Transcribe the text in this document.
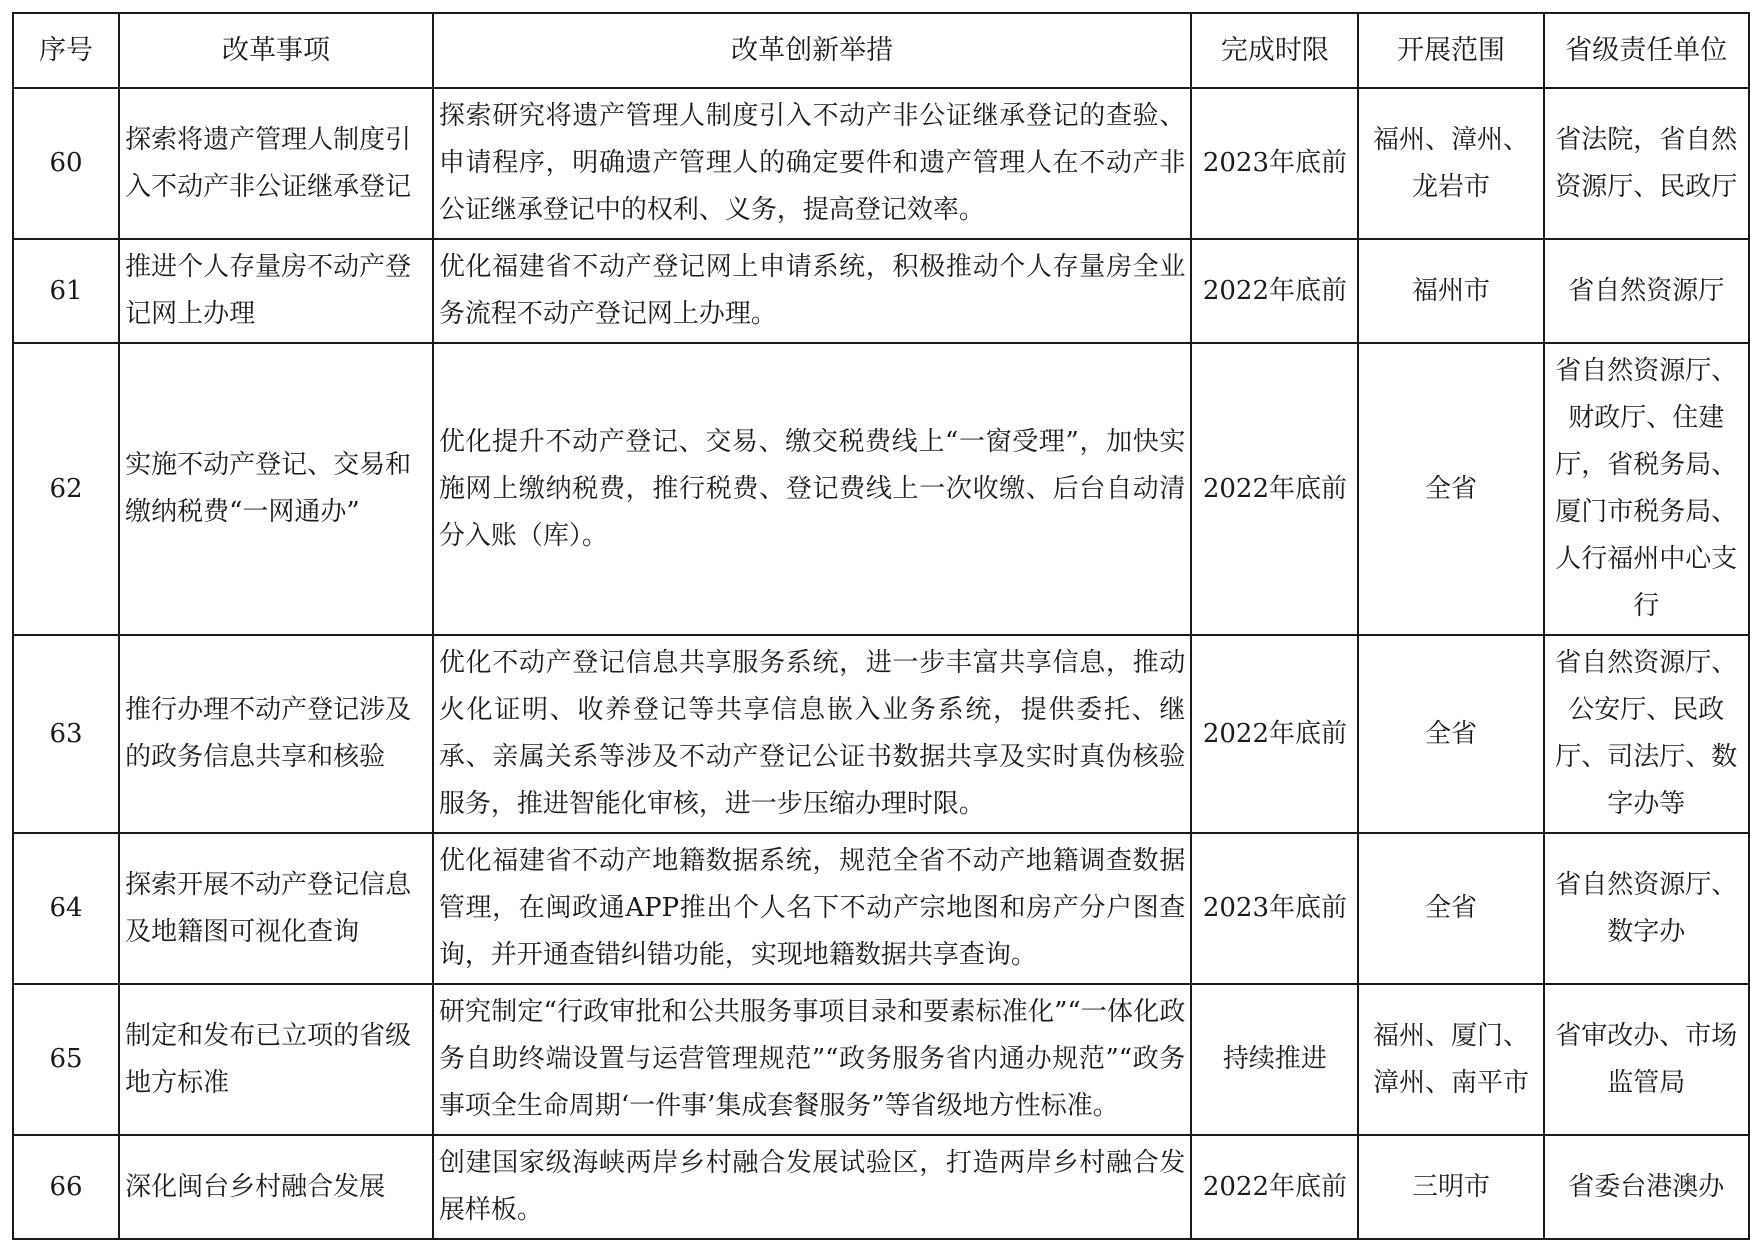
序号	改革事项	改革创新举措	完成时限	开展范围	省级责任单位
60	探索将遗产管理人制度引入不动产非公证继承登记	探索研究将遗产管理人制度引入不动产非公证继承登记的查验、申请程序，明确遗产管理人的确定要件和遗产管理人在不动产非公证继承登记中的权利、义务，提高登记效率。	2023年底前	福州、漳州、龙岩市	省法院，省自然资源厅、民政厅
61	推进个人存量房不动产登记网上办理	优化福建省不动产登记网上申请系统，积极推动个人存量房全业务流程不动产登记网上办理。	2022年底前	福州市	省自然资源厅
62	实施不动产登记、交易和缴纳税费“一网通办”	优化提升不动产登记、交易、缴交税费线上“一窗受理”，加快实施网上缴纳税费，推行税费、登记费线上一次收缴、后台自动清分入账（库）。	2022年底前	全省	省自然资源厅、财政厅、住建厅，省税务局、厦门市税务局、人行福州中心支行
63	推行办理不动产登记涉及的政务信息共享和核验	优化不动产登记信息共享服务系统，进一步丰富共享信息，推动火化证明、收养登记等共享信息嵌入业务系统，提供委托、继承、亲属关系等涉及不动产登记公证书数据共享及实时真伪核验服务，推进智能化审核，进一步压缩办理时限。	2022年底前	全省	省自然资源厅、公安厅、民政厅、司法厅、数字办等
64	探索开展不动产登记信息及地籍图可视化查询	优化福建省不动产地籍数据系统，规范全省不动产地籍调查数据管理，在闽政通APP推出个人名下不动产宗地图和房产分户图查询，并开通查错纠错功能，实现地籍数据共享查询。	2023年底前	全省	省自然资源厅、数字办
65	制定和发布已立项的省级地方标准	研究制定“行政审批和公共服务事项目录和要素标准化”“一体化政务自助终端设置与运营管理规范”“政务服务省内通办规范”“政务事项全生命周期‘一件事’集成套餐服务”等省级地方性标准。	持续推进	福州、厦门、漳州、南平市	省审改办、市场监管局
66	深化闽台乡村融合发展	创建国家级海峡两岸乡村融合发展试验区，打造两岸乡村融合发展样板。	2022年底前	三明市	省委台港澳办
